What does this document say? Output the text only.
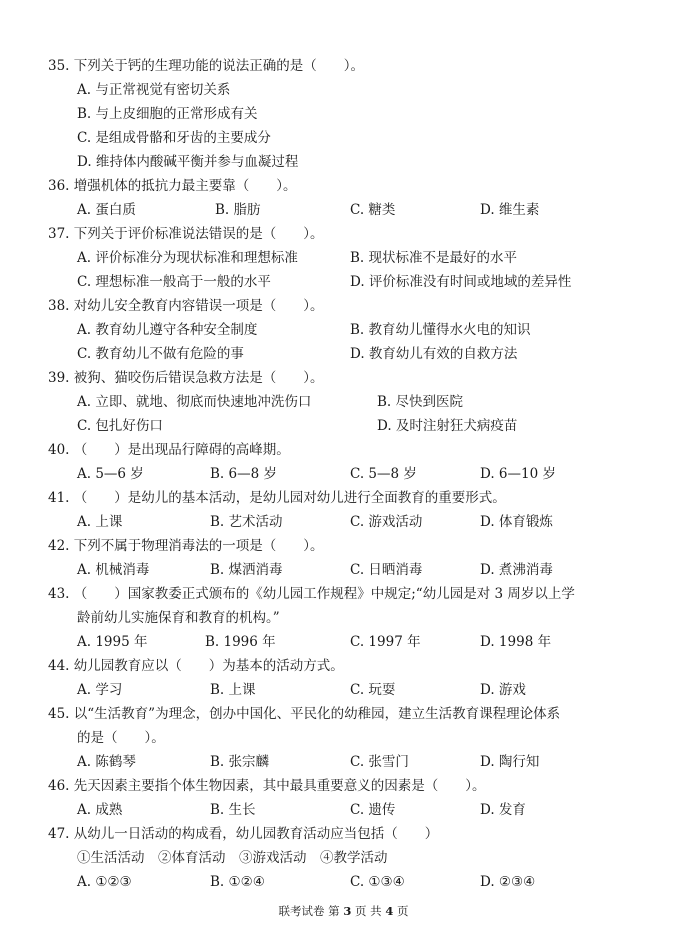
35. 下列关于钙的生理功能的说法正确的是（　　）。
A. 与正常视觉有密切关系
B. 与上皮细胞的正常形成有关
C. 是组成骨骼和牙齿的主要成分
D. 维持体内酸碱平衡并参与血凝过程
36. 增强机体的抵抗力最主要靠（　　）。
A. 蛋白质	B. 脂肪	C. 糖类	D. 维生素
37. 下列关于评价标准说法错误的是（　　）。
A. 评价标准分为现状标准和理想标准	B. 现状标准不是最好的水平
C. 理想标准一般高于一般的水平	D. 评价标准没有时间或地域的差异性
38. 对幼儿安全教育内容错误一项是（　　）。
A. 教育幼儿遵守各种安全制度	B. 教育幼儿懂得水火电的知识
C. 教育幼儿不做有危险的事	D. 教育幼儿有效的自救方法
39. 被狗、猫咬伤后错误急救方法是（　　）。
A. 立即、就地、彻底而快速地冲洗伤口	B. 尽快到医院
C. 包扎好伤口	D. 及时注射狂犬病疫苗
40. （　　）是出现品行障碍的高峰期。
A. 5—6 岁	B. 6—8 岁	C. 5—8 岁	D. 6—10 岁
41. （　　）是幼儿的基本活动，是幼儿园对幼儿进行全面教育的重要形式。
A. 上课	B. 艺术活动	C. 游戏活动	D. 体育锻炼
42. 下列不属于物理消毒法的一项是（　　）。
A. 机械消毒	B. 煤洒消毒	C. 日晒消毒	D. 煮沸消毒
43. （　　）国家教委正式颁布的《幼儿园工作规程》中规定;“幼儿园是对 3 周岁以上学
龄前幼儿实施保育和教育的机构。”
A. 1995 年	B. 1996 年	C. 1997 年	D. 1998 年
44. 幼儿园教育应以（　　）为基本的活动方式。
A. 学习	B. 上课	C. 玩耍	D. 游戏
45. 以“生活教育”为理念，创办中国化、平民化的幼稚园，建立生活教育课程理论体系
的是（　　）。
A. 陈鹤琴	B. 张宗麟	C. 张雪门	D. 陶行知
46. 先天因素主要指个体生物因素，其中最具重要意义的因素是（　　）。
A. 成熟	B. 生长	C. 遗传	D. 发育
47. 从幼儿一日活动的构成看，幼儿园教育活动应当包括（　　）
①生活活动　②体育活动　③游戏活动　④教学活动
A. ①②③	B. ①②④	C. ①③④	D. ②③④
联考试卷 第 3 页 共 4 页
